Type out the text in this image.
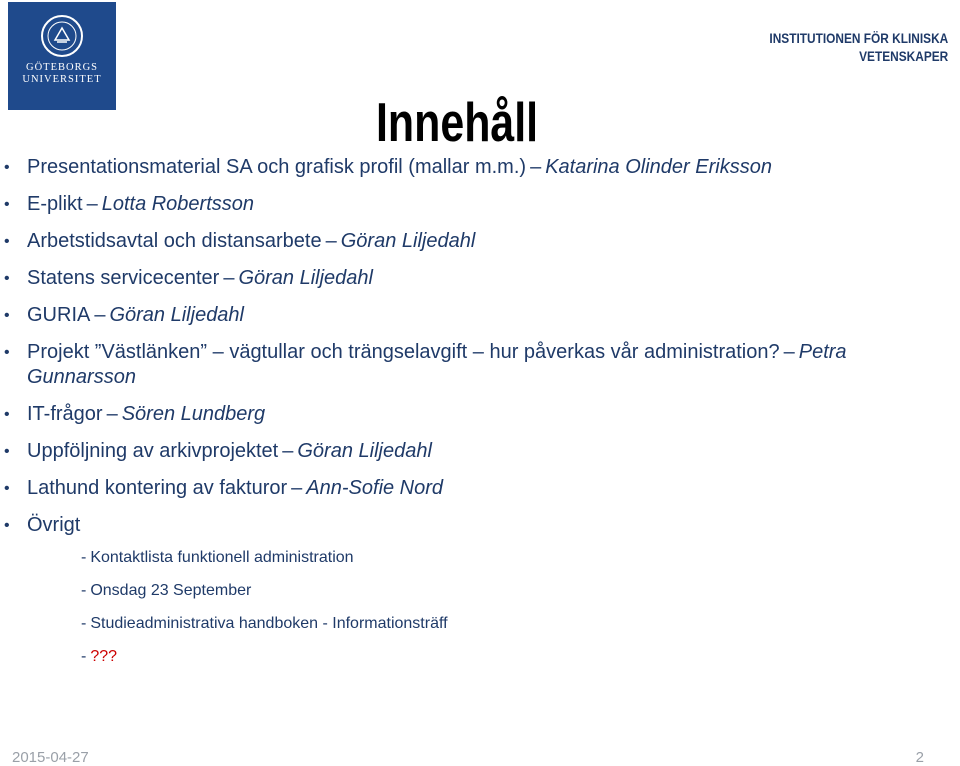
GÖTEBORGS
UNIVERSITET
INSTITUTIONEN FÖR KLINISKA
VETENSKAPER
Innehåll
• Presentationsmaterial SA och grafisk profil (mallar m.m.) – Katarina Olinder Eriksson
• E-plikt – Lotta Robertsson
• Arbetstidsavtal och distansarbete – Göran Liljedahl
• Statens servicecenter – Göran Liljedahl
• GURIA – Göran Liljedahl
• Projekt ”Västlänken” – vägtullar och trängselavgift – hur påverkas vår administration? – Petra Gunnarsson
• IT-frågor – Sören Lundberg
• Uppföljning av arkivprojektet – Göran Liljedahl
• Lathund kontering av fakturor – Ann-Sofie Nord
• Övrigt
- Kontaktlista funktionell administration
- Onsdag 23 September
- Studieadministrativa handboken - Informationsträff
- ???
2015-04-27	2
